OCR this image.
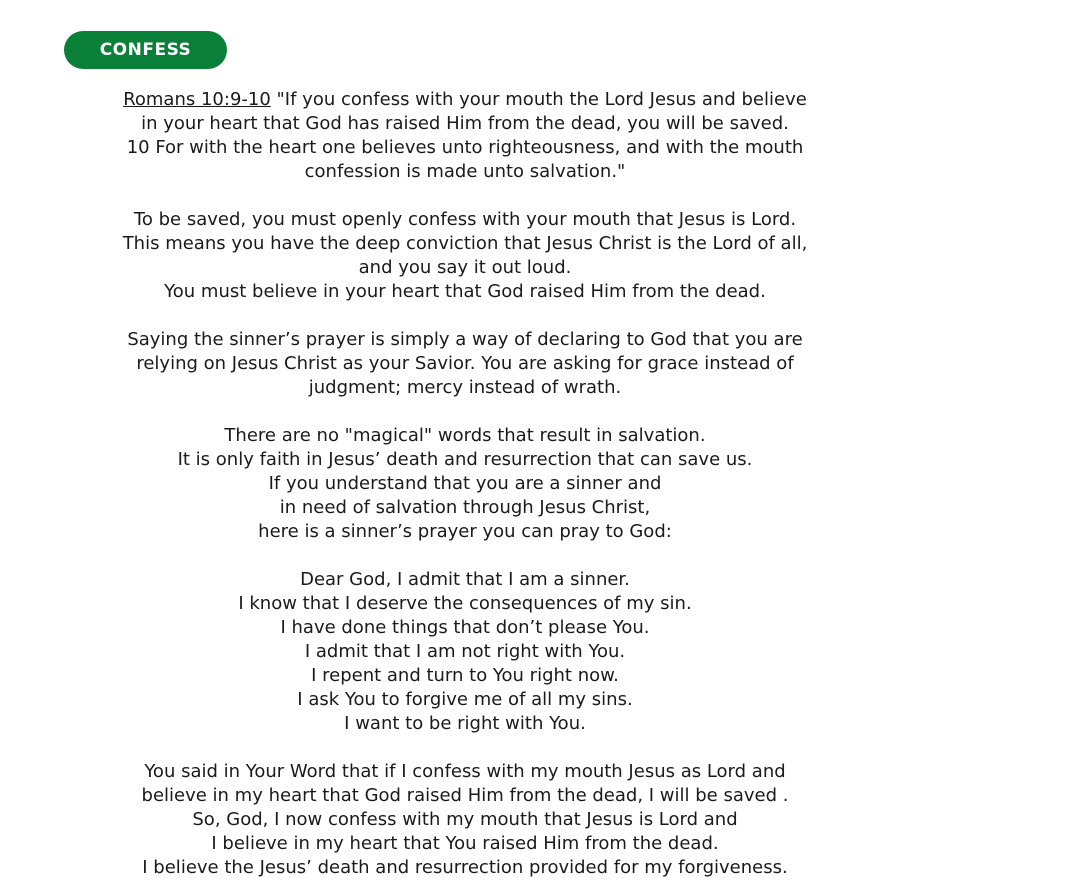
CONFESS
Romans 10:9-10 "If you confess with your mouth the Lord Jesus and believe
in your heart that God has raised Him from the dead, you will be saved.
10 For with the heart one believes unto righteousness, and with the mouth
confession is made unto salvation."
To be saved, you must openly confess with your mouth that Jesus is Lord.
This means you have the deep conviction that Jesus Christ is the Lord of all,
and you say it out loud.
You must believe in your heart that God raised Him from the dead.
Saying the sinner’s prayer is simply a way of declaring to God that you are
relying on Jesus Christ as your Savior. You are asking for grace instead of
judgment; mercy instead of wrath.
There are no "magical" words that result in salvation.
It is only faith in Jesus’ death and resurrection that can save us.
If you understand that you are a sinner and
in need of salvation through Jesus Christ,
here is a sinner’s prayer you can pray to God:
Dear God, I admit that I am a sinner.
I know that I deserve the consequences of my sin.
I have done things that don’t please You.
I admit that I am not right with You.
I repent and turn to You right now.
I ask You to forgive me of all my sins.
I want to be right with You.
You said in Your Word that if I confess with my mouth Jesus as Lord and
believe in my heart that God raised Him from the dead, I will be saved .
So, God, I now confess with my mouth that Jesus is Lord and
I believe in my heart that You raised Him from the dead.
I believe the Jesus’ death and resurrection provided for my forgiveness.
